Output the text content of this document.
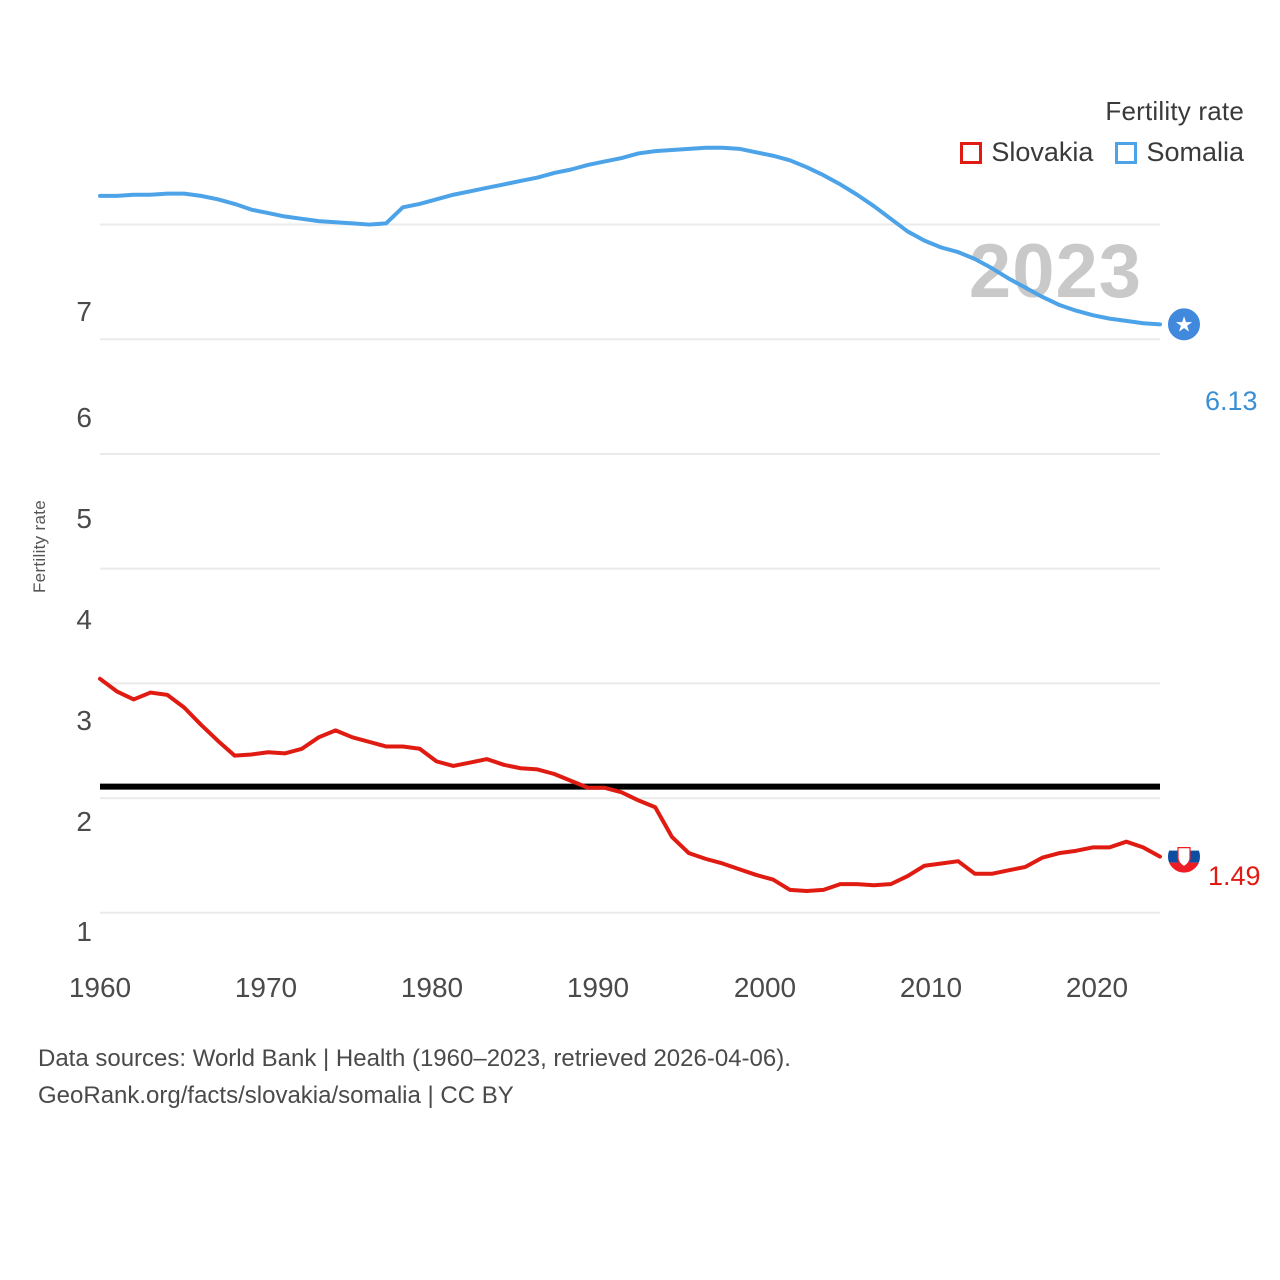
Fertility rate
Slovakia Somalia
2023
Fertility rate
1
2
3
4
5
6
7
1960	1970	1980	1990	2000	2010	2020
★
6.13
1.49
Data sources: World Bank | Health (1960–2023, retrieved 2026-04-06).
GeoRank.org/facts/slovakia/somalia | CC BY
